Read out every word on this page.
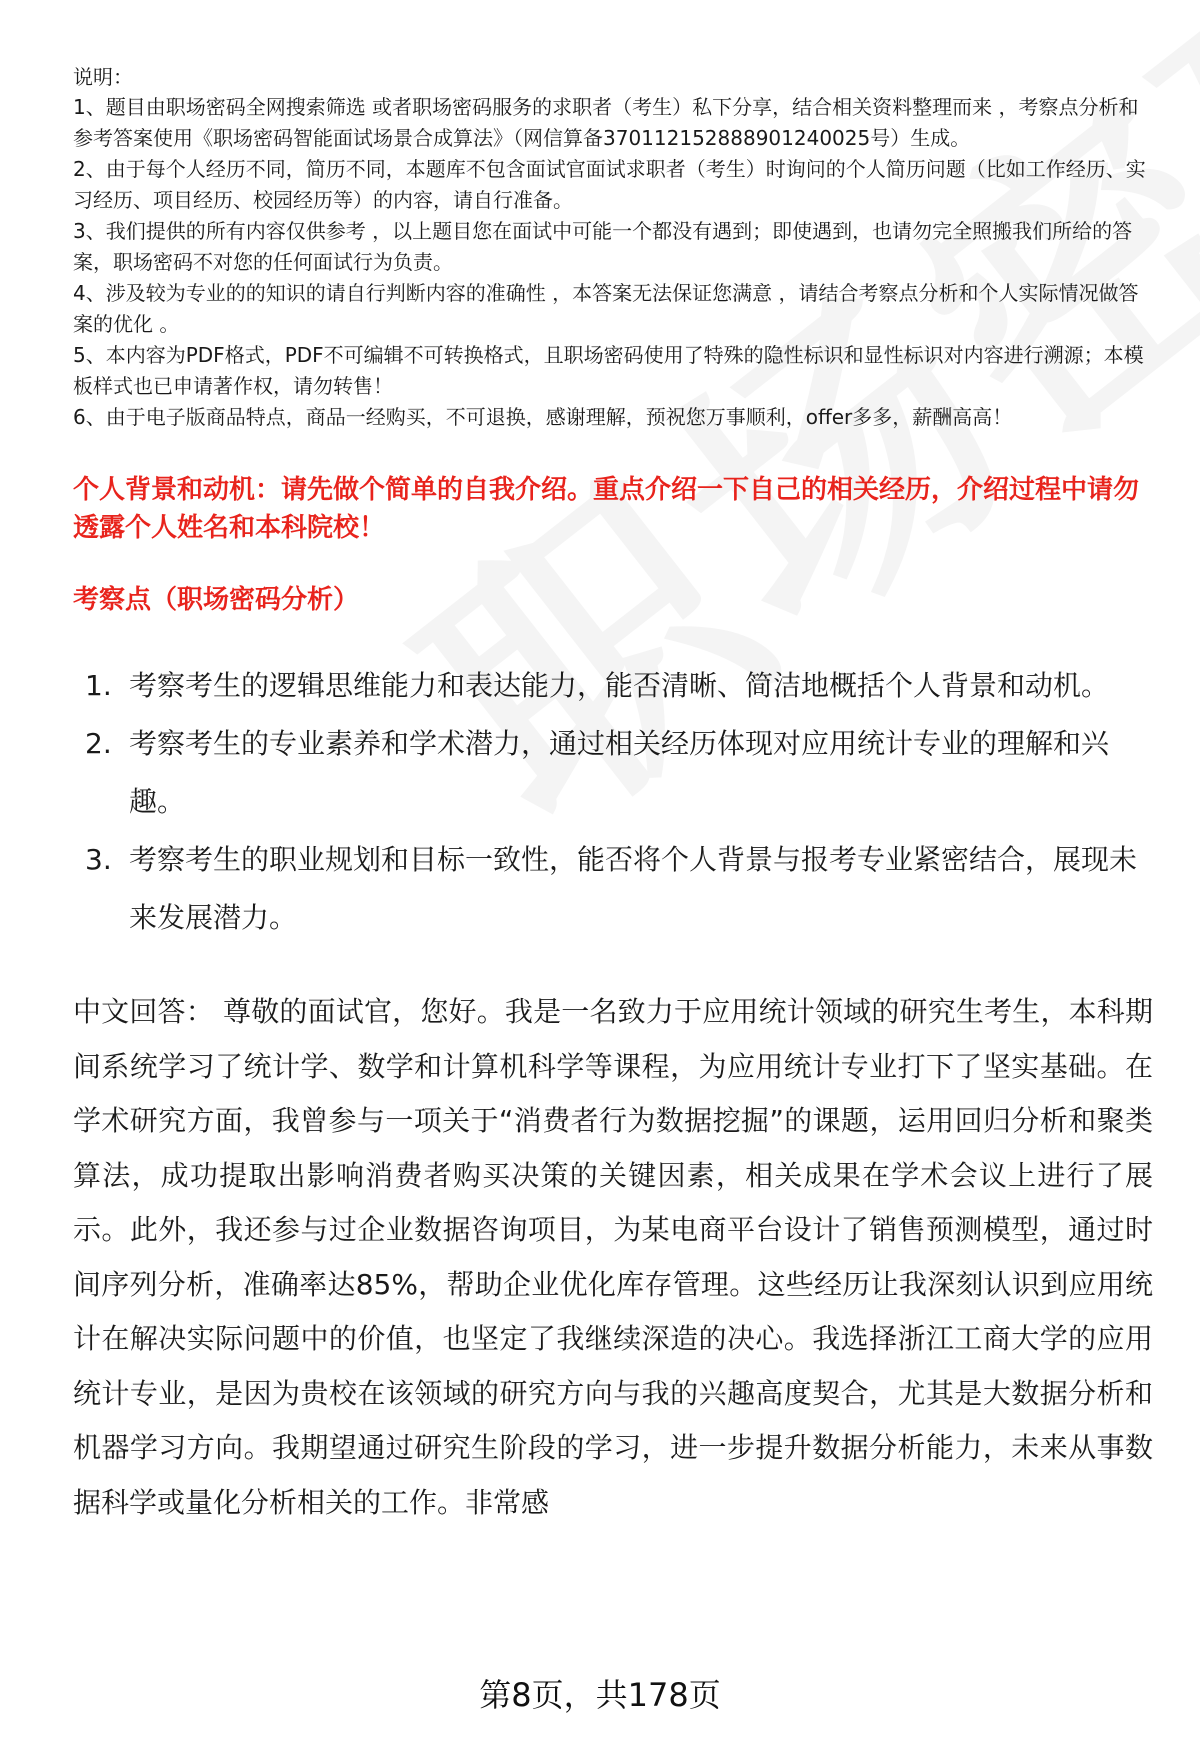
说明：

1、题目由职场密码全网搜索筛选 或者职场密码服务的求职者（考生）私下分享，结合相关资料整理而来 ，考察点分析和参考答案使用《职场密码智能面试场景合成算法》（网信算备370112152888901240025号）生成。

2、由于每个人经历不同，简历不同，本题库不包含面试官面试求职者（考生）时询问的个人简历问题（比如工作经历、实习经历、项目经历、校园经历等）的内容，请自行准备。

3、我们提供的所有内容仅供参考 ，以上题目您在面试中可能一个都没有遇到；即使遇到，也请勿完全照搬我们所给的答案，职场密码不对您的任何面试行为负责。

4、涉及较为专业的的知识的请自行判断内容的准确性 ，本答案无法保证您满意 ，请结合考察点分析和个人实际情况做答案的优化 。

5、本内容为PDF格式，PDF不可编辑不可转换格式，且职场密码使用了特殊的隐性标识和显性标识对内容进行溯源；本模板样式也已申请著作权，请勿转售！

6、由于电子版商品特点，商品一经购买，不可退换，感谢理解，预祝您万事顺利，offer多多，薪酬高高！

个人背景和动机：请先做个简单的自我介绍。重点介绍一下自己的相关经历，介绍过程中请勿透露个人姓名和本科院校！
考察点（职场密码分析）
1. 考察考生的逻辑思维能力和表达能力，能否清晰、简洁地概括个人背景和动机。
2. 考察考生的专业素养和学术潜力，通过相关经历体现对应用统计专业的理解和兴趣。
3. 考察考生的职业规划和目标一致性，能否将个人背景与报考专业紧密结合，展现未来发展潜力。
中文回答： 尊敬的面试官，您好。我是一名致力于应用统计领域的研究生考生，本科期间系统学习了统计学、数学和计算机科学等课程，为应用统计专业打下了坚实基础。在学术研究方面，我曾参与一项关于“消费者行为数据挖掘”的课题，运用回归分析和聚类算法，成功提取出影响消费者购买决策的关键因素，相关成果在学术会议上进行了展示。此外，我还参与过企业数据咨询项目，为某电商平台设计了销售预测模型，通过时间序列分析，准确率达85%，帮助企业优化库存管理。这些经历让我深刻认识到应用统计在解决实际问题中的价值，也坚定了我继续深造的决心。我选择浙江工商大学的应用统计专业，是因为贵校在该领域的研究方向与我的兴趣高度契合，尤其是大数据分析和机器学习方向。我期望通过研究生阶段的学习，进一步提升数据分析能力，未来从事数据科学或量化分析相关的工作。非常感
第8页，共178页
